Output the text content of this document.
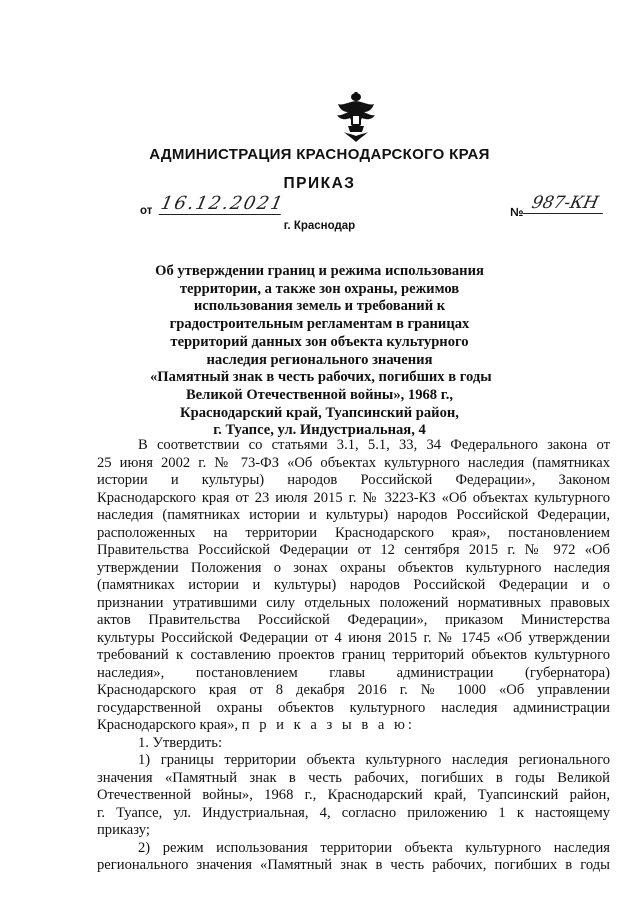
АДМИНИСТРАЦИЯ КРАСНОДАРСКОГО КРАЯ
ПРИКАЗ
от 16.12.2021
г. Краснодар
№ 987-КН
Об утверждении границ и режима использования
территории, а также зон охраны, режимов
использования земель и требований к
градостроительным регламентам в границах
территорий данных зон объекта культурного
наследия регионального значения
«Памятный знак в честь рабочих, погибших в годы
Великой Отечественной войны», 1968 г.,
Краснодарский край, Туапсинский район,
г. Туапсе, ул. Индустриальная, 4
В соответствии со статьями 3.1, 5.1, 33, 34 Федерального закона от
25 июня 2002 г. № 73-ФЗ «Об объектах культурного наследия (памятниках
истории и культуры) народов Российской Федерации», Законом
Краснодарского края от 23 июля 2015 г. № 3223-КЗ «Об объектах культурного
наследия (памятниках истории и культуры) народов Российской Федерации,
расположенных на территории Краснодарского края», постановлением
Правительства Российской Федерации от 12 сентября 2015 г. № 972 «Об
утверждении Положения о зонах охраны объектов культурного наследия
(памятниках истории и культуры) народов Российской Федерации и о
признании утратившими силу отдельных положений нормативных правовых
актов Правительства Российской Федерации», приказом Министерства
культуры Российской Федерации от 4 июня 2015 г. № 1745 «Об утверждении
требований к составлению проектов границ территорий объектов культурного
наследия», постановлением главы администрации (губернатора)
Краснодарского края от 8 декабря 2016 г. № 1000 «Об управлении
государственной охраны объектов культурного наследия администрации
Краснодарского края», п р и к а з ы в а ю:
1. Утвердить:
1) границы территории объекта культурного наследия регионального
значения «Памятный знак в честь рабочих, погибших в годы Великой
Отечественной войны», 1968 г., Краснодарский край, Туапсинский район,
г. Туапсе, ул. Индустриальная, 4, согласно приложению 1 к настоящему
приказу;
2) режим использования территории объекта культурного наследия
регионального значения «Памятный знак в честь рабочих, погибших в годы
